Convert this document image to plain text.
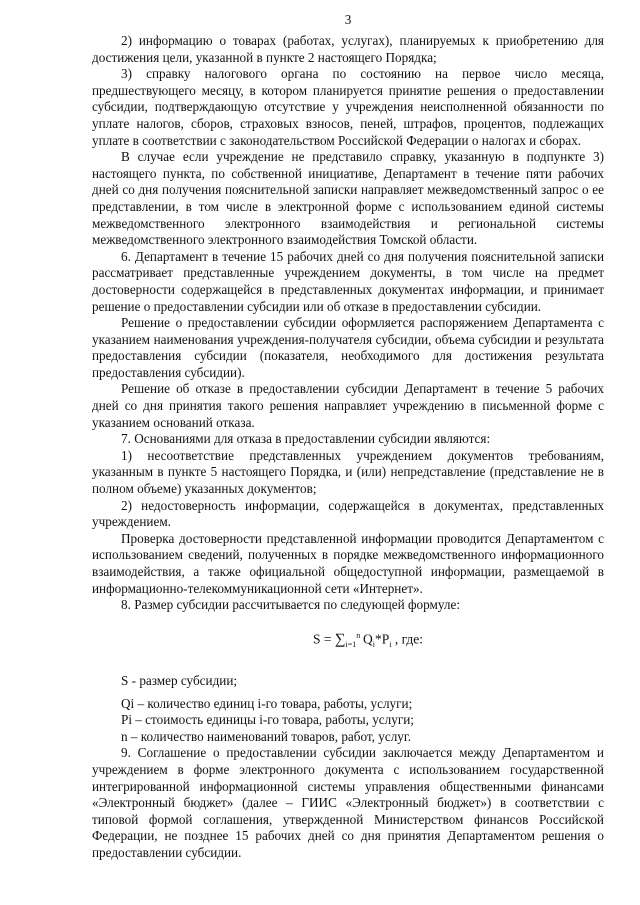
3

2) информацию о товарах (работах, услугах), планируемых к приобретению для достижения цели, указанной в пункте 2 настоящего Порядка;

3) справку налогового органа по состоянию на первое число месяца, предшествующего месяцу, в котором планируется принятие решения о предоставлении субсидии, подтверждающую отсутствие у учреждения неисполненной обязанности по уплате налогов, сборов, страховых взносов, пеней, штрафов, процентов, подлежащих уплате в соответствии с законодательством Российской Федерации о налогах и сборах.

В случае если учреждение не представило справку, указанную в подпункте 3) настоящего пункта, по собственной инициативе, Департамент в течение пяти рабочих дней со дня получения пояснительной записки направляет межведомственный запрос о ее представлении, в том числе в электронной форме с использованием единой системы межведомственного электронного взаимодействия и региональной системы межведомственного электронного взаимодействия Томской области.

6. Департамент в течение 15 рабочих дней со дня получения пояснительной записки рассматривает представленные учреждением документы, в том числе на предмет достоверности содержащейся в представленных документах информации, и принимает решение о предоставлении субсидии или об отказе в предоставлении субсидии.

Решение о предоставлении субсидии оформляется распоряжением Департамента с указанием наименования учреждения-получателя субсидии, объема субсидии и результата предоставления субсидии (показателя, необходимого для достижения результата предоставления субсидии).

Решение об отказе в предоставлении субсидии Департамент в течение 5 рабочих дней со дня принятия такого решения направляет учреждению в письменной форме с указанием оснований отказа.

7. Основаниями для отказа в предоставлении субсидии являются:

1) несоответствие представленных учреждением документов требованиям, указанным в пункте 5 настоящего Порядка, и (или) непредставление (представление не в полном объеме) указанных документов;

2) недостоверность информации, содержащейся в документах, представленных учреждением.

Проверка достоверности представленной информации проводится Департаментом с использованием сведений, полученных в порядке межведомственного информационного взаимодействия, а также официальной общедоступной информации, размещаемой в информационно-телекоммуникационной сети «Интернет».

8. Размер субсидии рассчитывается по следующей формуле:

$S = \sum_{i=1}^n$  $Q_i*P_i$ , где:

S - размер субсидии;

Qi – количество единиц i-го товара, работы, услуги;

Pi – стоимость единицы i-го товара, работы, услуги;

n – количество наименований товаров, работ, услуг.

9. Соглашение о предоставлении субсидии заключается между Департаментом и учреждением в форме электронного документа с использованием государственной интегрированной информационной системы управления общественными финансами «Электронный бюджет» (далее – ГИИС «Электронный бюджет») в соответствии с типовой формой соглашения, утвержденной Министерством финансов Российской Федерации, не позднее 15 рабочих дней со дня принятия Департаментом решения о предоставлении субсидии.
